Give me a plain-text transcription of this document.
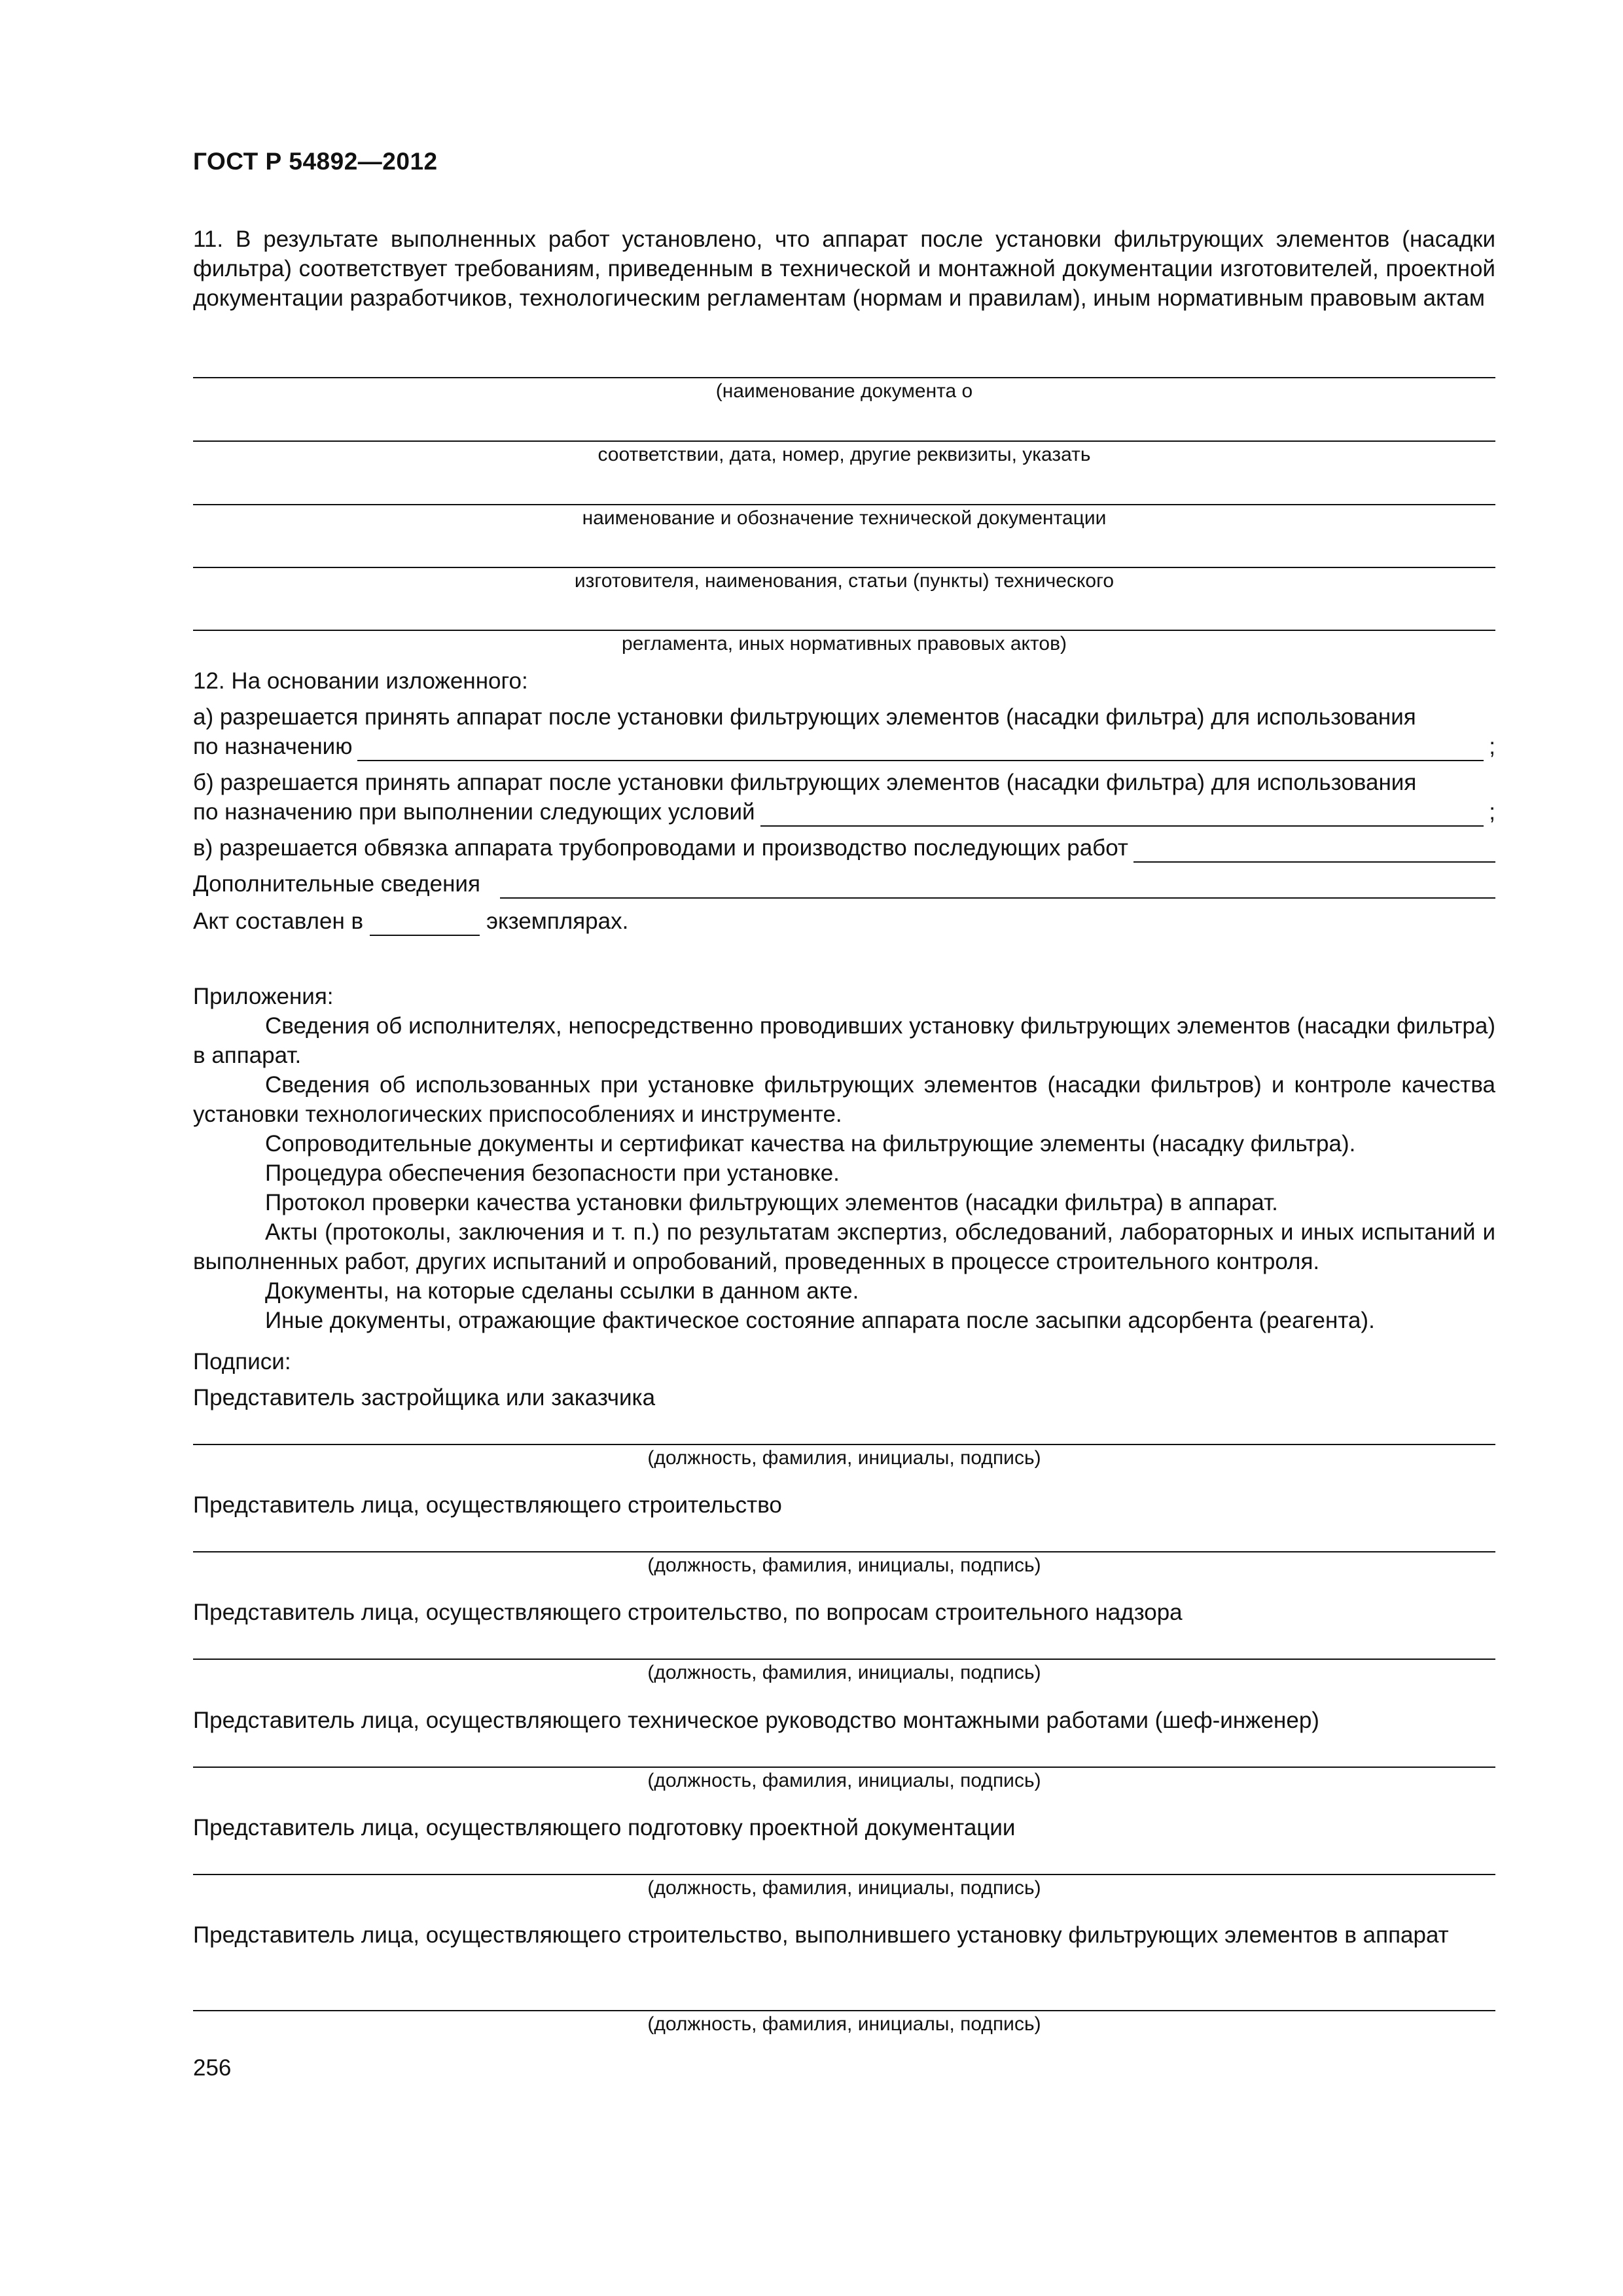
ГОСТ Р 54892—2012
11. В результате выполненных работ установлено, что аппарат после установки фильтрующих элементов (насадки фильтра) соответствует требованиям, приведенным в технической и монтажной документации изготовителей, проектной документации разработчиков, технологическим регламентам (нормам и правилам), иным нормативным правовым актам
(наименование документа о
соответствии, дата, номер, другие реквизиты, указать
наименование и обозначение технической документации
изготовителя, наименования, статьи (пункты) технического
регламента, иных нормативных правовых актов)
12. На основании изложенного:
а) разрешается принять аппарат после установки фильтрующих элементов (насадки фильтра) для использования
по назначению	;
б) разрешается принять аппарат после установки фильтрующих элементов (насадки фильтра) для использования
по назначению при выполнении следующих условий	;
в) разрешается обвязка аппарата трубопроводами и производство последующих работ
Дополнительные сведения
Акт составлен в	экземплярах.
Приложения:
Сведения об исполнителях, непосредственно проводивших установку фильтрующих элементов (насадки фильтра) в аппарат.
Сведения об использованных при установке фильтрующих элементов (насадки фильтров) и контроле качества установки технологических приспособлениях и инструменте.
Сопроводительные документы и сертификат качества на фильтрующие элементы (насадку фильтра).
Процедура обеспечения безопасности при установке.
Протокол проверки качества установки фильтрующих элементов (насадки фильтра) в аппарат.
Акты (протоколы, заключения и т. п.) по результатам экспертиз, обследований, лабораторных и иных испытаний и выполненных работ, других испытаний и опробований, проведенных в процессе строительного контроля.
Документы, на которые сделаны ссылки в данном акте.
Иные документы, отражающие фактическое состояние аппарата после засыпки адсорбента (реагента).
Подписи:
Представитель застройщика или заказчика
(должность, фамилия, инициалы, подпись)
Представитель лица, осуществляющего строительство
(должность, фамилия, инициалы, подпись)
Представитель лица, осуществляющего строительство, по вопросам строительного надзора
(должность, фамилия, инициалы, подпись)
Представитель лица, осуществляющего техническое руководство монтажными работами (шеф-инженер)
(должность, фамилия, инициалы, подпись)
Представитель лица, осуществляющего подготовку проектной документации
(должность, фамилия, инициалы, подпись)
Представитель лица, осуществляющего строительство, выполнившего установку фильтрующих элементов в аппарат
(должность, фамилия, инициалы, подпись)
256
